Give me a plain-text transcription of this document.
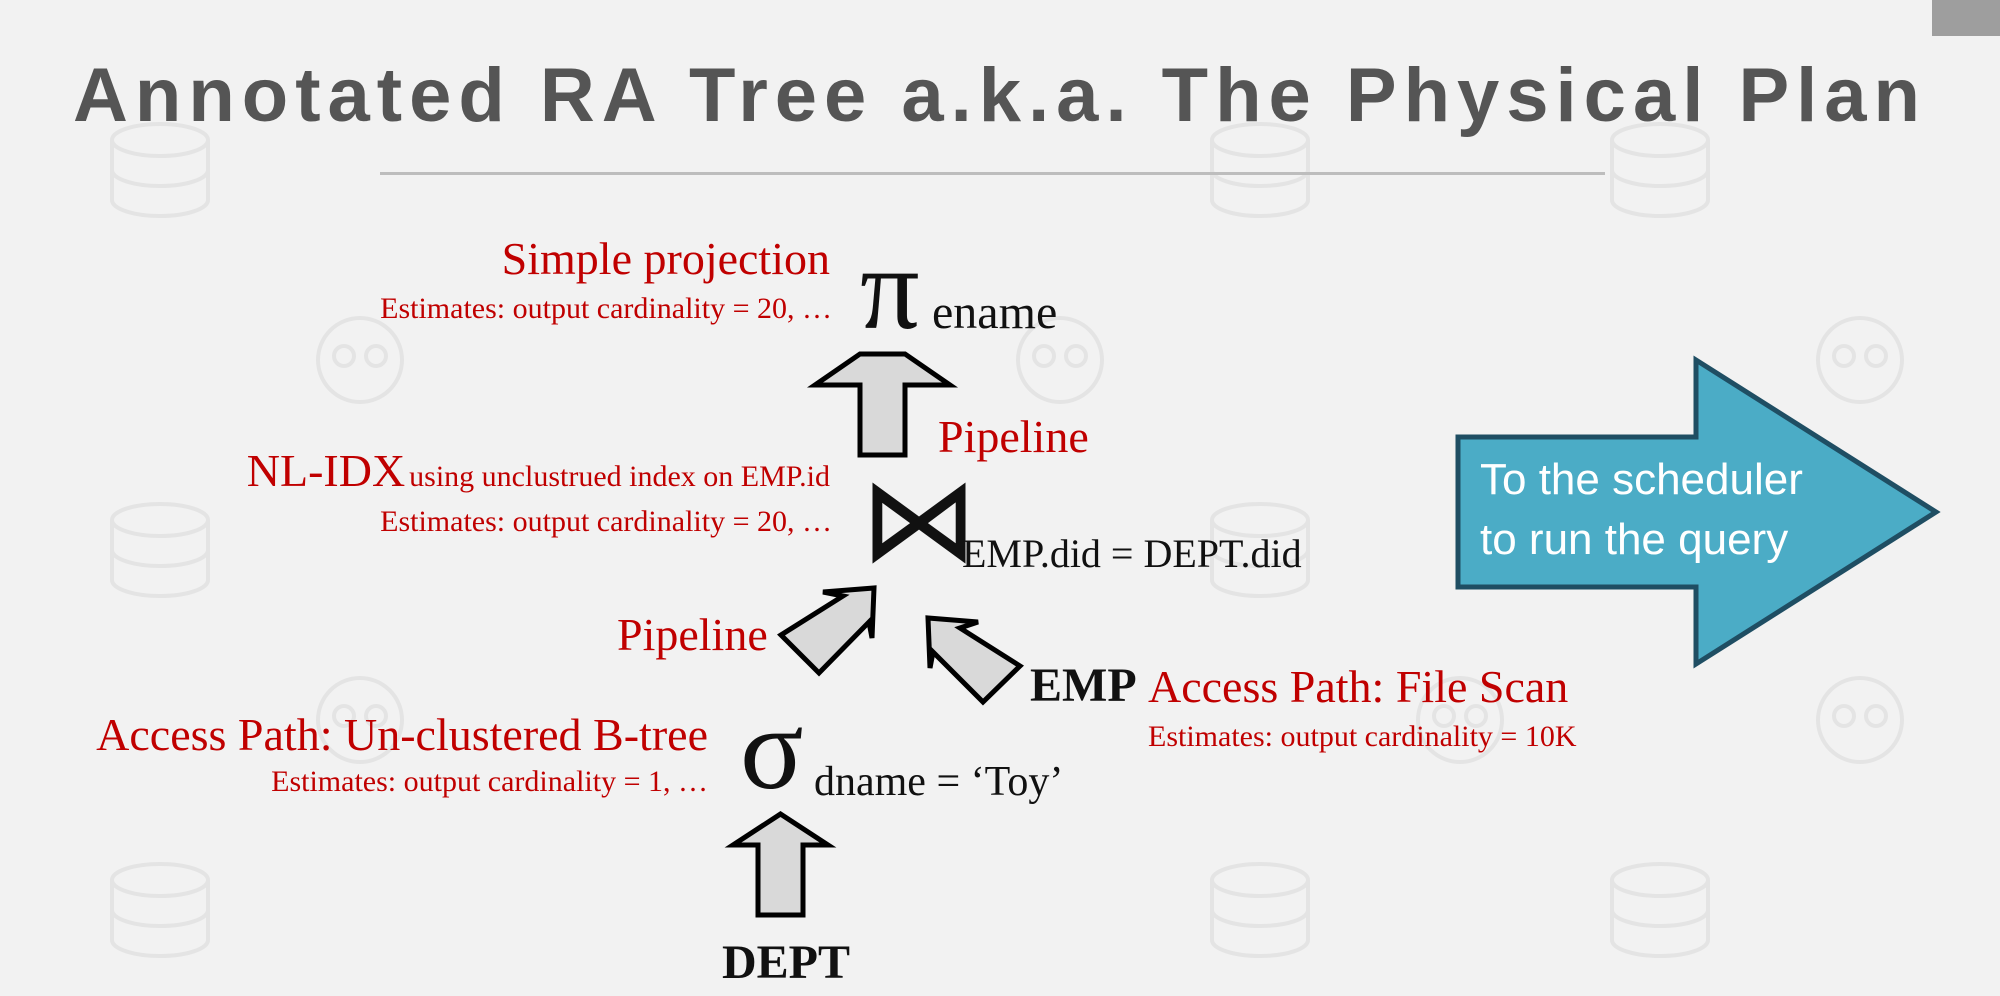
Annotated RA Tree a.k.a. The Physical Plan
Simple projection
Estimates: output cardinality = 20, … π ename
Pipeline
NL-IDX using unclustrued index on EMP.id
Estimates: output cardinality = 20, … ⋈
EMP.did = DEPT.did
Pipeline
EMP Access Path: File Scan
Estimates: output cardinality = 10K
Access Path: Un-clustered B-tree
Estimates: output cardinality = 1, … σ dname = ‘Toy’
DEPT
To the scheduler
to run the query
